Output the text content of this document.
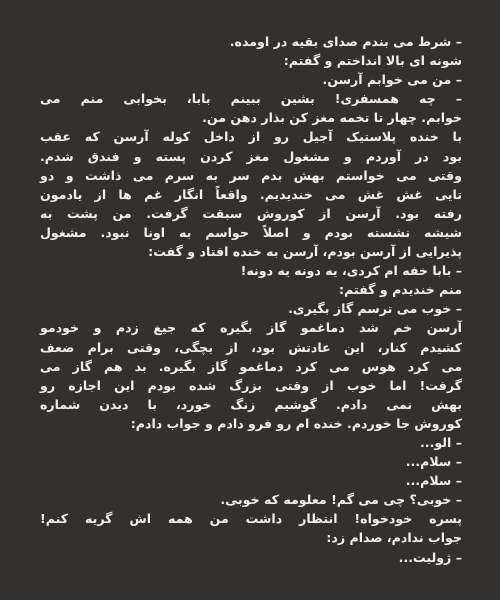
– شرط می بندم صدای بقیه در اومده.
شونه ای بالا انداختم و گفتم:
– من می خوابم آرسن.
– چه همسفری! بشین ببینم بابا، بخوابی منم می
خوابم. چهار تا تخمه مغز کن بذار دهن من.
با خنده پلاستیک آجیل رو از داخل کوله آرسن که عقب
بود در آوردم و مشغول مغز کردن پسته و فندق شدم.
وقتی می خواستم بهش بدم سر به سرم می ذاشت و دو
تایی غش غش می خندیدیم. واقعاً انگار غم ها از یادمون
رفته بود. آرسن از کوروش سبقت گرفت. من پشت به
شیشه نشسته بودم و اصلاً حواسم به اونا نبود. مشغول
پذیرایی از آرسن بودم، آرسن به خنده افتاد و گفت:
– بابا خفه ام کردی، یه دونه یه دونه!
منم خندیدم و گفتم:
– خوب می ترسم گاز بگیری.
آرسن خم شد دماغمو گاز بگیره که جیغ زدم و خودمو
کشیدم کنار، این عادتش بود، از بچگی، وقتی برام ضعف
می کرد هوس می کرد دماغمو گاز بگیره. بد هم گاز می
گرفت! اما خوب از وقتی بزرگ شده بودم این اجازه رو
بهش نمی دادم. گوشیم زنگ خورد، با دیدن شماره
کوروش جا خوردم. خنده ام رو فرو دادم و جواب دادم:
– الو...
– سلام...
– سلام...
– خوبی؟ چی می گم! معلومه که خوبی.
پسره خودخواه! انتظار داشت من همه اش گریه کنم!
جواب ندادم، صدام زد:
– ژولیت...
